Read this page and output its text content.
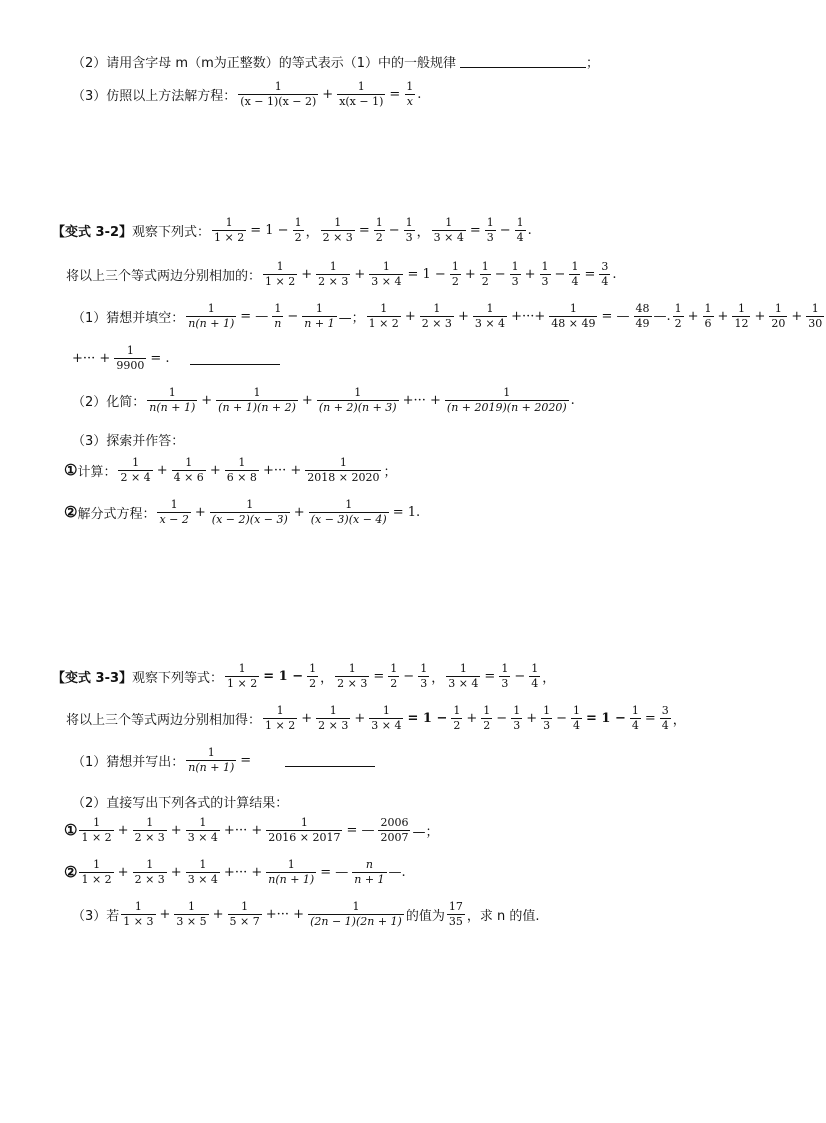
（2）请用含字母 m（m为正整数）的等式表示（1）中的一般规律	；
（3）仿照以上方法解方程： $\frac{1}{(x - 1)(x - 2)} + \frac{1}{x(x - 1)} = \frac{1}{x}$ .
【变式 3-2】 观察下列式： $\frac{1}{1 \times 2} = 1 - \frac{1}{2}$ ， $\frac{1}{2 \times 3} = \frac{1}{2} - \frac{1}{3}$ ， $\frac{1}{3 \times 4} = \frac{1}{3} - \frac{1}{4}$ .
将以上三个等式两边分别相加的： $\frac{1}{1 \times 2} + \frac{1}{2 \times 3} + \frac{1}{3 \times 4} = 1 - \frac{1}{2} + \frac{1}{2} - \frac{1}{3} + \frac{1}{3} - \frac{1}{4} = \frac{3}{4}$ .
（1）猜想并填空： $\frac{1}{n(n + 1)}$ = — $\frac{1}{n} - \frac{1}{n + 1}$ —； $\frac{1}{1 \times 2} + \frac{1}{2 \times 3} + \frac{1}{3 \times 4}$ +···+ $\frac{1}{48 \times 49}$ = — $\frac{48}{49}$ —. $\frac{1}{2} + \frac{1}{6} + \frac{1}{12} + \frac{1}{20} + \frac{1}{30}$
+··· + $\frac{1}{9900}$ = .
（2）化简： $\frac{1}{n(n + 1)} + \frac{1}{(n + 1)(n + 2)} + \frac{1}{(n + 2)(n + 3)}$ +··· + $\frac{1}{(n + 2019)(n + 2020)}$ .
（3）探索并作答：
① 计算： $\frac{1}{2 \times 4} + \frac{1}{4 \times 6} + \frac{1}{6 \times 8}$ +··· + $\frac{1}{2018 \times 2020}$ ；
② 解分式方程： $\frac{1}{x - 2} + \frac{1}{(x - 2)(x - 3)} + \frac{1}{(x - 3)(x - 4)} = 1$.
【变式 3-3】 观察下列等式： $\frac{1}{1 \times 2} = 1 - \frac{1}{2}$ ， $\frac{1}{2 \times 3} = \frac{1}{2} - \frac{1}{3}$ ， $\frac{1}{3 \times 4} = \frac{1}{3} - \frac{1}{4}$ ，
将以上三个等式两边分别相加得： $\frac{1}{1 \times 2} + \frac{1}{2 \times 3} + \frac{1}{3 \times 4} = 1 - \frac{1}{2} + \frac{1}{2} - \frac{1}{3} + \frac{1}{3} - \frac{1}{4} = 1 - \frac{1}{4} = \frac{3}{4}$ ，
（1）猜想并写出： $\frac{1}{n(n + 1)}$ =
（2）直接写出下列各式的计算结果：
① $\frac{1}{1 \times 2} + \frac{1}{2 \times 3} + \frac{1}{3 \times 4}$ +··· + $\frac{1}{2016 \times 2017}$ = — $\frac{2006}{2007}$ —；
② $\frac{1}{1 \times 2} + \frac{1}{2 \times 3} + \frac{1}{3 \times 4}$ +··· + $\frac{1}{n(n + 1)}$ = — $\frac{n}{n + 1}$ —.
（3）若 $\frac{1}{1 \times 3} + \frac{1}{3 \times 5} + \frac{1}{5 \times 7}$ +··· + $\frac{1}{(2n - 1)(2n + 1)}$ 的值为 $\frac{17}{35}$ ，求 n 的值.
